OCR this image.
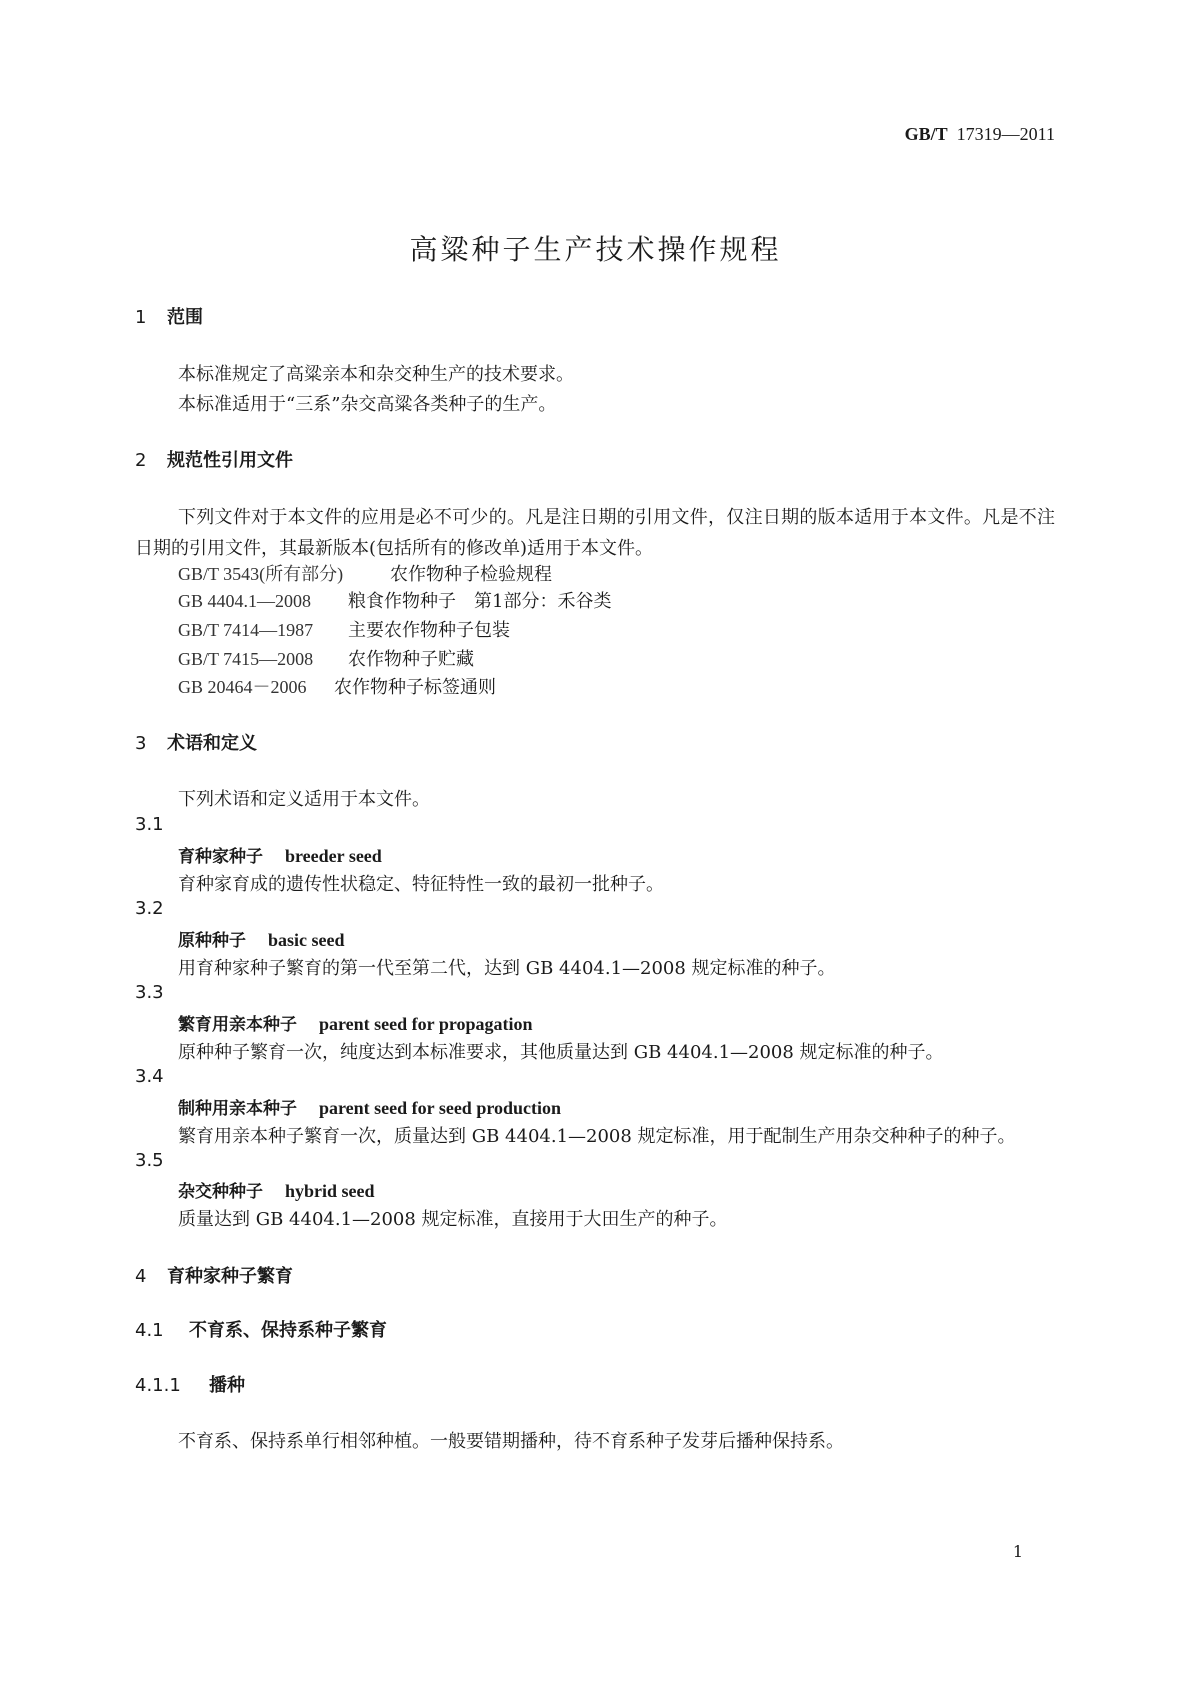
GB/T 17319—2011
高粱种子生产技术操作规程
1 范围
本标准规定了高粱亲本和杂交种生产的技术要求。
本标准适用于“三系”杂交高粱各类种子的生产。
2 规范性引用文件
下列文件对于本文件的应用是必不可少的。凡是注日期的引用文件，仅注日期的版本适用于本文件。凡是不注日期的引用文件，其最新版本(包括所有的修改单)适用于本文件。
GB/T 3543(所有部分)	农作物种子检验规程
GB 4404.1—2008 粮食作物种子　第1部分：禾谷类
GB/T 7414—1987 主要农作物种子包装
GB/T 7415—2008 农作物种子贮藏
GB 20464－2006 农作物种子标签通则
3 术语和定义
下列术语和定义适用于本文件。
3.1
育种家种子 breeder seed
育种家育成的遗传性状稳定、特征特性一致的最初一批种子。
3.2
原种种子 basic seed
用育种家种子繁育的第一代至第二代，达到 GB 4404.1—2008 规定标准的种子。
3.3
繁育用亲本种子 parent seed for propagation
原种种子繁育一次，纯度达到本标准要求，其他质量达到 GB 4404.1—2008 规定标准的种子。
3.4
制种用亲本种子 parent seed for seed production
繁育用亲本种子繁育一次，质量达到 GB 4404.1—2008 规定标准，用于配制生产用杂交种种子的种子。
3.5
杂交种种子 hybrid seed
质量达到 GB 4404.1—2008 规定标准，直接用于大田生产的种子。
4 育种家种子繁育
4.1 不育系、保持系种子繁育
4.1.1 播种
不育系、保持系单行相邻种植。一般要错期播种，待不育系种子发芽后播种保持系。
1
